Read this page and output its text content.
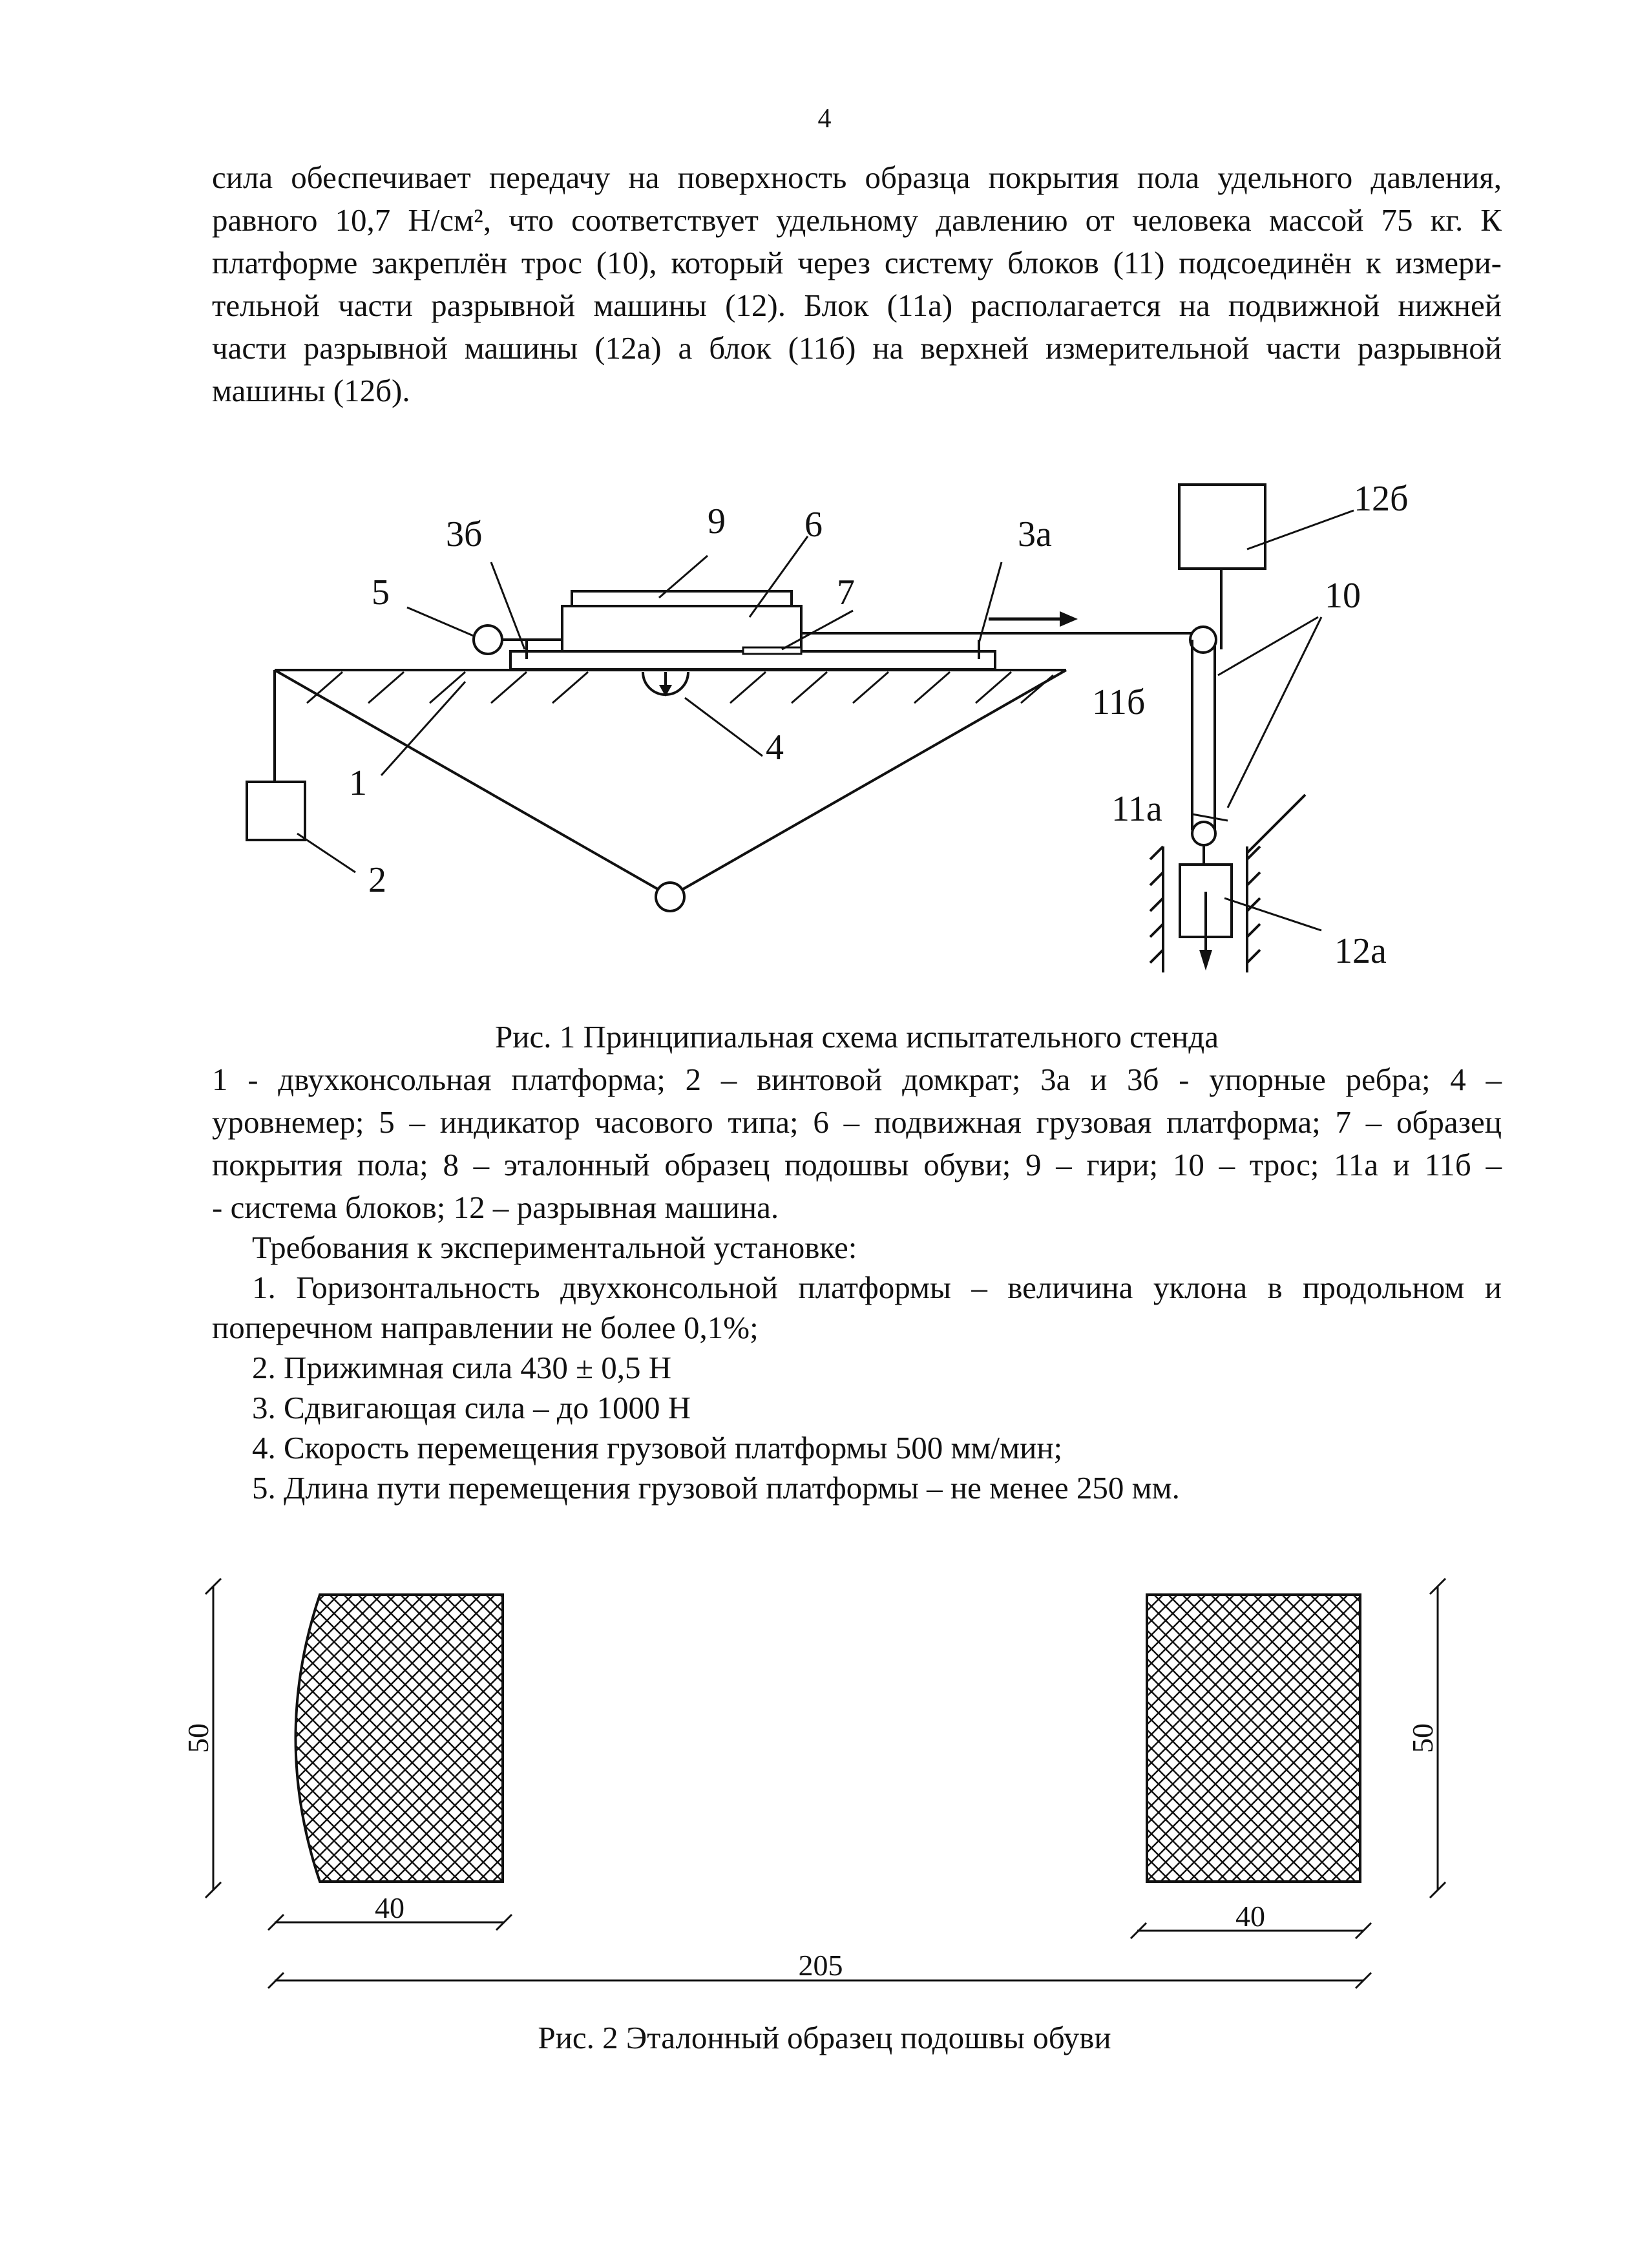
4
сила обеспечивает передачу на поверхность образца покрытия пола удельного давления,
равного 10,7 Н/см², что соответствует удельному давлению от человека массой 75 кг. К
платформе закреплён трос (10), который через систему блоков (11) подсоединён к измери-
тельной части разрывной машины (12). Блок (11а) располагается на подвижной нижней
части разрывной машины (12а) а блок (11б) на верхней измерительной части разрывной
машины (12б).
5
3б	9 6
7
3а
4
1
2
12б
10
11б
11а
12а
Рис. 1 Принципиальная схема испытательного стенда
1 - двухконсольная платформа; 2 – винтовой домкрат; 3а и 3б - упорные ребра; 4 –
уровнемер; 5 – индикатор часового типа; 6 – подвижная грузовая платформа; 7 – образец
покрытия пола; 8 – эталонный образец подошвы обуви; 9 – гири; 10 – трос; 11а и 11б –
- система блоков; 12 – разрывная машина.
Требования к экспериментальной установке:
1. Горизонтальность двухконсольной платформы – величина уклона в продольном и
поперечном направлении не более 0,1%;
2. Прижимная сила 430 ± 0,5 Н
3. Сдвигающая сила – до 1000 Н
4. Скорость перемещения грузовой платформы 500 мм/мин;
5. Длина пути перемещения грузовой платформы – не менее 250 мм.
50	50
40	40
205
Рис. 2 Эталонный образец подошвы обуви
